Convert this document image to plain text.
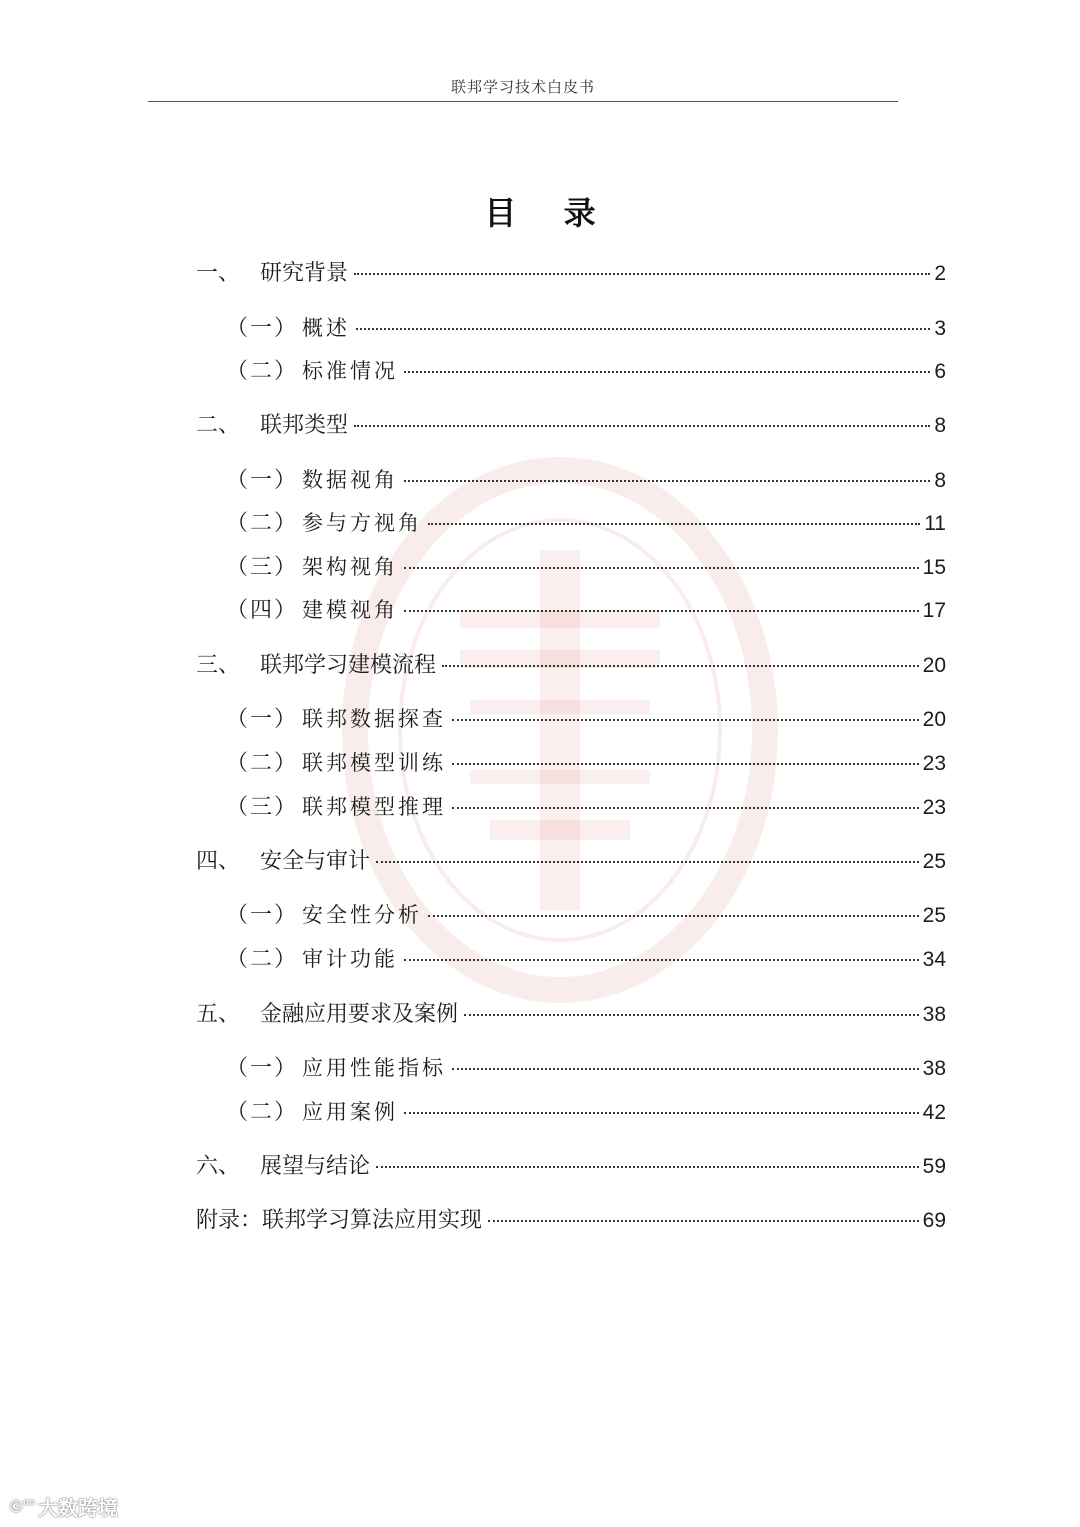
联邦学习技术白皮书
目 录
一、 研究背景	2
（一） 概述	3
（二） 标准情况	6
二、 联邦类型	8
（一） 数据视角	8
（二） 参与方视角	11
（三） 架构视角	15
（四） 建模视角	17
三、 联邦学习建模流程	20
（一） 联邦数据探查	20
（二） 联邦模型训练	23
（三） 联邦模型推理	23
四、 安全与审计	25
（一） 安全性分析	25
（二） 审计功能	34
五、 金融应用要求及案例	38
（一） 应用性能指标	38
（二） 应用案例	42
六、 展望与结论	59
附录：联邦学习算法应用实现	69
©°° 大数跨境
